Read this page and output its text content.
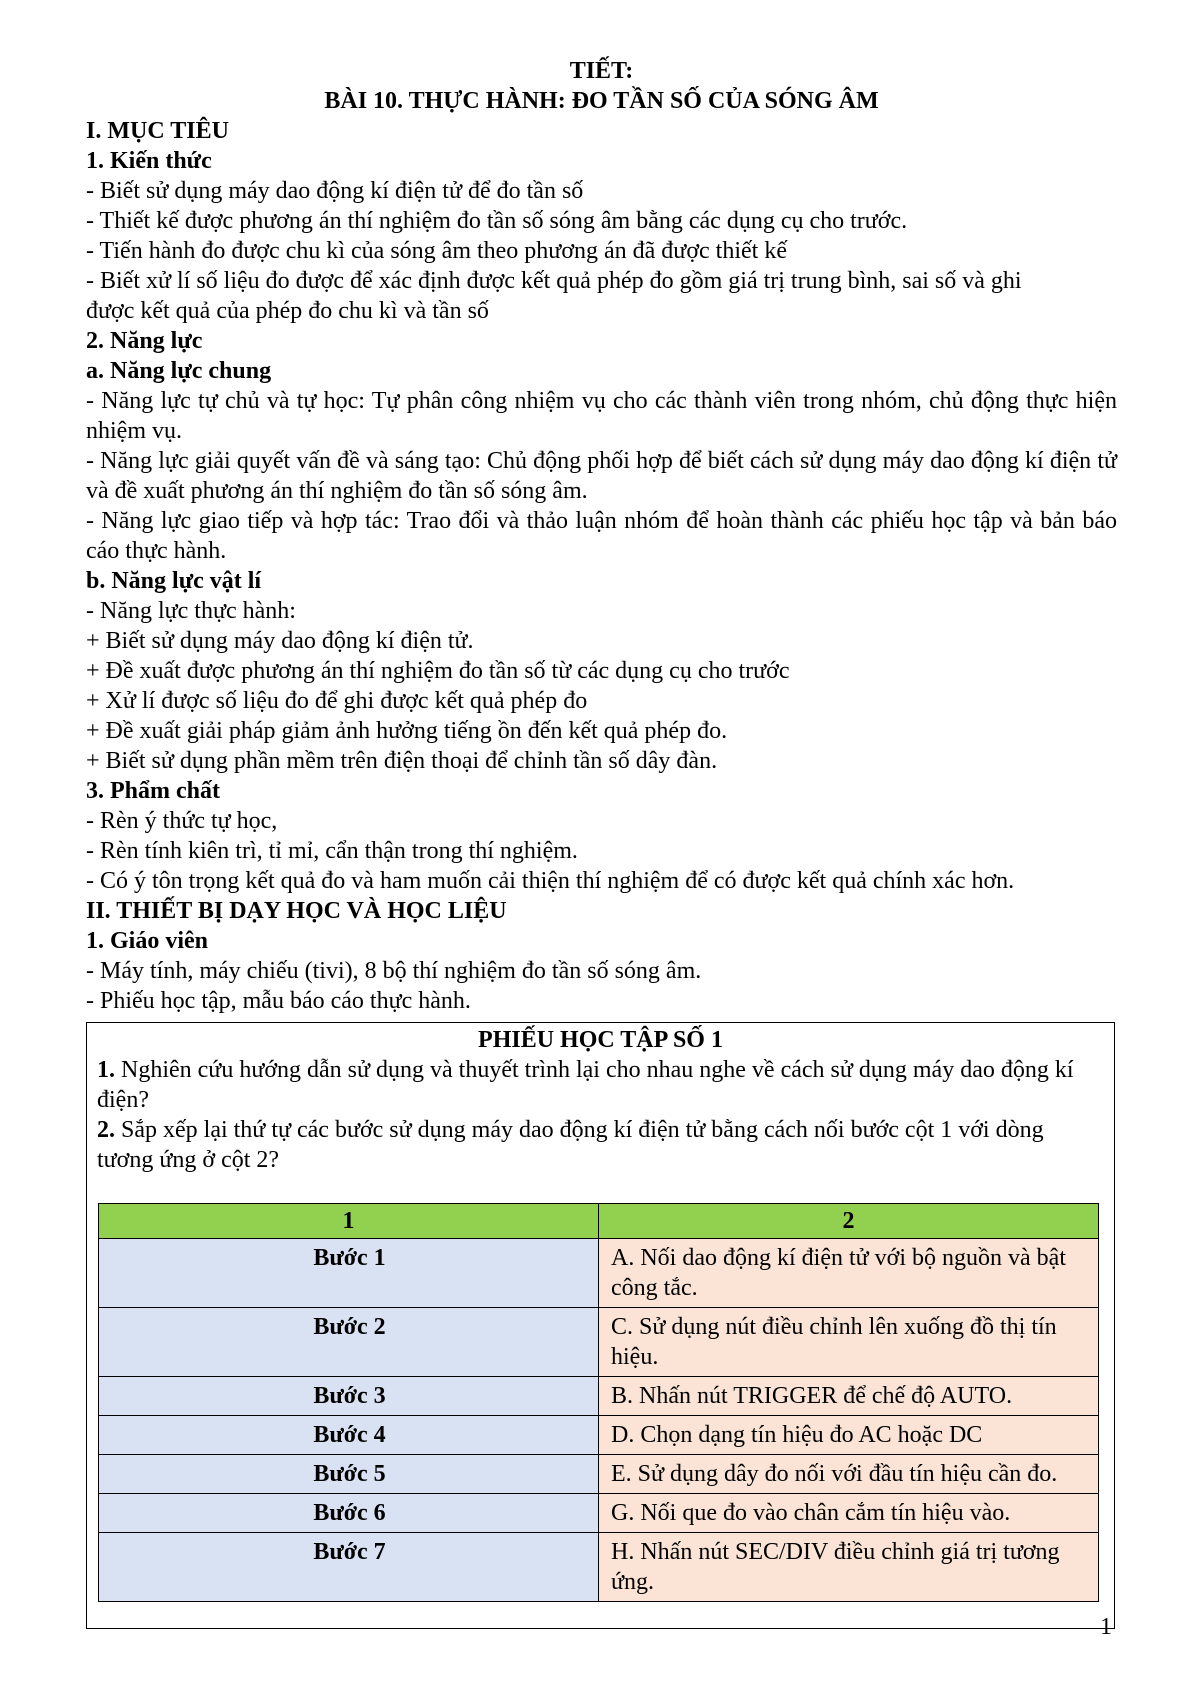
TIẾT:

BÀI 10. THỰC HÀNH: ĐO TẦN SỐ CỦA SÓNG ÂM

I. MỤC TIÊU

1. Kiến thức

- Biết sử dụng máy dao động kí điện tử để đo tần số

- Thiết kế được phương án thí nghiệm đo tần số sóng âm bằng các dụng cụ cho trước.

- Tiến hành đo được chu kì của sóng âm theo phương án đã được thiết kế

- Biết xử lí số liệu đo được để xác định được kết quả phép đo gồm giá trị trung bình, sai số và ghi

được kết quả của phép đo chu kì và tần số

2. Năng lực

a. Năng lực chung

- Năng lực tự chủ và tự học: Tự phân công nhiệm vụ cho các thành viên trong nhóm, chủ động thực hiện nhiệm vụ.

- Năng lực giải quyết vấn đề và sáng tạo: Chủ động phối hợp để biết cách sử dụng máy dao động kí điện tử và đề xuất phương án thí nghiệm đo tần số sóng âm.

- Năng lực giao tiếp và hợp tác: Trao đổi và thảo luận nhóm để hoàn thành các phiếu học tập và bản báo cáo thực hành.

b. Năng lực vật lí

- Năng lực thực hành:

+ Biết sử dụng máy dao động kí điện tử.

+ Đề xuất được phương án thí nghiệm đo tần số từ các dụng cụ cho trước

+ Xử lí được số liệu đo để ghi được kết quả phép đo

+ Đề xuất giải pháp giảm ảnh hưởng tiếng ồn đến kết quả phép đo.

+ Biết sử dụng phần mềm trên điện thoại để chỉnh tần số dây đàn.

3. Phẩm chất

- Rèn ý thức tự học,

- Rèn tính kiên trì, tỉ mỉ, cẩn thận trong thí nghiệm.

- Có ý tôn trọng kết quả đo và ham muốn cải thiện thí nghiệm để có được kết quả chính xác hơn.

II. THIẾT BỊ DẠY HỌC VÀ HỌC LIỆU

1. Giáo viên

- Máy tính, máy chiếu (tivi), 8 bộ thí nghiệm đo tần số sóng âm.

- Phiếu học tập, mẫu báo cáo thực hành.

PHIẾU HỌC TẬP SỐ 1

1. Nghiên cứu hướng dẫn sử dụng và thuyết trình lại cho nhau nghe về cách sử dụng máy dao động kí điện?

2. Sắp xếp lại thứ tự các bước sử dụng máy dao động kí điện tử bằng cách nối bước cột 1 với dòng tương ứng ở cột 2?

1	2
Bước 1	A. Nối dao động kí điện tử với bộ nguồn và bật công tắc.
Bước 2	C. Sử dụng nút điều chỉnh lên xuống đồ thị tín hiệu.
Bước 3	B. Nhấn nút TRIGGER để chế độ AUTO.
Bước 4	D. Chọn dạng tín hiệu đo AC hoặc DC
Bước 5	E. Sử dụng dây đo nối với đầu tín hiệu cần đo.
Bước 6	G. Nối que đo vào chân cắm tín hiệu vào.
Bước 7	H. Nhấn nút SEC/DIV điều chỉnh giá trị tương ứng.
1
